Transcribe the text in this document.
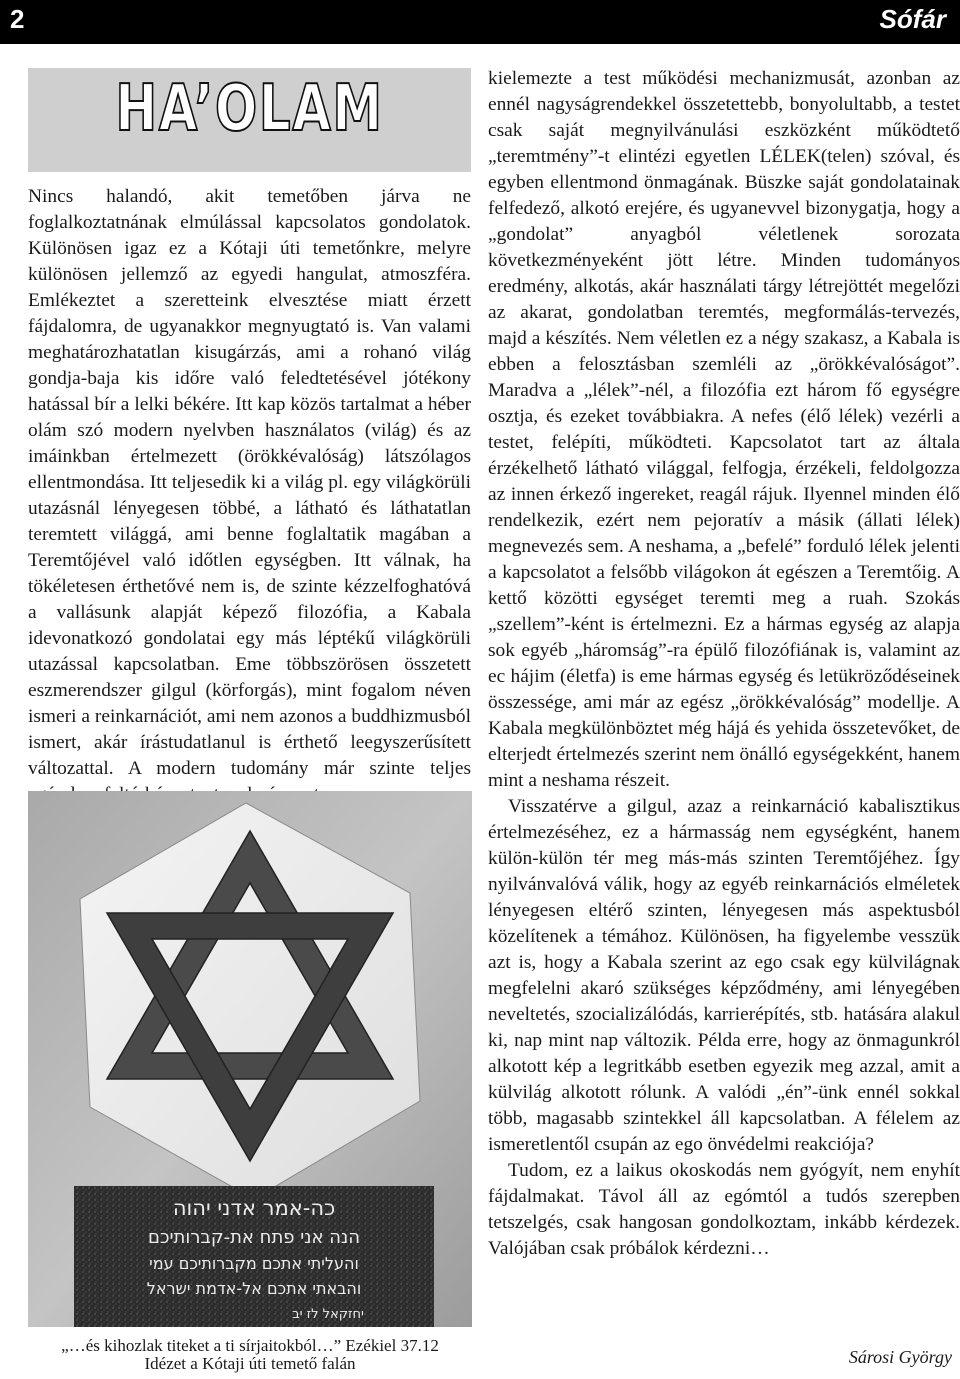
2	Sófár
HA’OLAM

Nincs halandó, akit temetőben járva ne foglalkoztatnának elmúlással kapcsolatos gondolatok. Különösen igaz ez a Kótaji úti temetőnkre, melyre különösen jellemző az egyedi hangulat, atmoszféra. Emlékeztet a szeretteink elvesztése miatt érzett fájdalomra, de ugyanakkor megnyugtató is. Van valami meghatározhatatlan kisugárzás, ami a rohanó világ gondja-baja kis időre való feledtetésével jótékony hatással bír a lelki békére. Itt kap közös tartalmat a héber olám szó modern nyelvben használatos (világ) és az imáinkban értelmezett (örökkévalóság) látszólagos ellentmondása. Itt teljesedik ki a világ pl. egy világkörüli utazásnál lényegesen többé, a látható és láthatatlan teremtett világgá, ami benne foglaltatik magában a Teremtőjével való időtlen egységben. Itt válnak, ha tökéletesen érthetővé nem is, de szinte kézzelfoghatóvá a vallásunk alapját képező filozófia, a Kabala idevonatkozó gondolatai egy más léptékű világkörüli utazással kapcsolatban. Eme többszörösen összetett eszmerendszer gilgul (körforgás), mint fogalom néven ismeri a reinkarnációt, ami nem azonos a buddhizmusból ismert, akár írástudatlanul is érthető leegyszerűsített változattal. A modern tudomány már szinte teljes

כה-אמר אדני יהוה
הנה אני פתח את-קברותיכם
והעליתי אתכם מקברותיכם עמי
והבאתי אתכם אל-אדמת ישראל
יחזקאל לז יב
„…és kihozlak titeket a ti sírjaitokból…” Ezékiel 37.12
Idézet a Kótaji úti temető falán

kielemezte a test működési mechanizmusát, azonban az ennél nagyságrendekkel összetettebb, bonyolultabb, a testet csak saját megnyilvánulási eszközként működtető „teremtmény”-t elintézi egyetlen LÉLEK(telen) szóval, és egyben ellentmond önmagának. Büszke saját gondolatainak felfedező, alkotó erejére, és ugyanevvel bizonygatja, hogy a „gondolat” anyagból véletlenek sorozata következményeként jött létre. Minden tudományos eredmény, alkotás, akár használati tárgy létrejöttét megelőzi az akarat, gondolatban teremtés, megformálás-tervezés, majd a készítés. Nem véletlen ez a négy szakasz, a Kabala is ebben a felosztásban szemléli az „örökkévalóságot”. Maradva a „lélek”-nél, a filozófia ezt három fő egységre osztja, és ezeket továbbiakra. A nefes (élő lélek) vezérli a testet, felépíti, működteti. Kapcsolatot tart az általa érzékelhető látható világgal, felfogja, érzékeli, feldolgozza az innen érkező ingereket, reagál rájuk. Ilyennel minden élő rendelkezik, ezért nem pejoratív a másik (állati lélek) megnevezés sem. A neshama, a „befelé” forduló lélek jelenti a kapcsolatot a felsőbb világokon át egészen a Teremtőig. A kettő közötti egységet teremti meg a ruah. Szokás „szellem”-ként is értelmezni. Ez a hármas egység az alapja sok egyéb „háromság”-ra épülő filozófiának is, valamint az ec hájim (életfa) is eme hármas egység és letükröződéseinek összessége, ami már az egész „örökkévalóság” modellje. A Kabala megkülönböztet még hájá és yehida összetevőket, de elterjedt értelmezés szerint nem önálló egységekként, hanem mint a neshama részeit.

Visszatérve a gilgul, azaz a reinkarnáció kabalisztikus értelmezéséhez, ez a hármasság nem egységként, hanem külön-külön tér meg más-más szinten Teremtőjéhez. Így nyilvánvalóvá válik, hogy az egyéb reinkarnációs elméletek lényegesen eltérő szinten, lényegesen más aspektusból közelítenek a témához. Különösen, ha figyelembe vesszük azt is, hogy a Kabala szerint az ego csak egy külvilágnak megfelelni akaró szükséges képződmény, ami lényegében neveltetés, szocializálódás, karrierépítés, stb. hatására alakul ki, nap mint nap változik. Példa erre, hogy az önmagunkról alkotott kép a legritkább esetben egyezik meg azzal, amit a külvilág alkotott rólunk. A valódi „én”-ünk ennél sokkal több, magasabb szintekkel áll kapcsolatban. A félelem az ismeretlentől csupán az ego önvédelmi reakciója?

Tudom, ez a laikus okoskodás nem gyógyít, nem enyhít fájdalmakat. Távol áll az egómtól a tudós szerepben tetszelgés, csak hangosan gondolkoztam, inkább kérdezek. Valójában csak próbálok kérdezni…

Sárosi György
